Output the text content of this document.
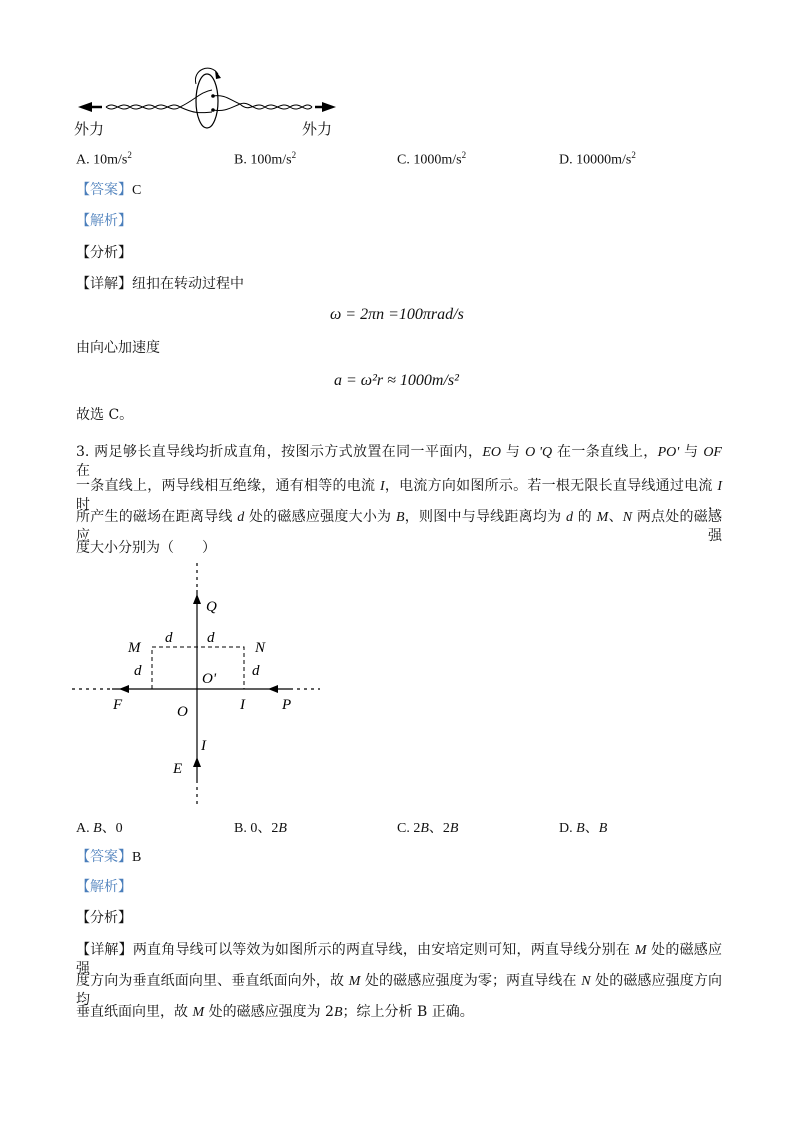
外力	外力
A. $10m/s^2$	B. $100m/s^2$	C. $1000m/s^2$	D. $10000m/s^2$
【答案】C
【解析】
【分析】
【详解】纽扣在转动过程中
ω = 2πn =100πrad/s
由向心加速度
a = ω²r ≈ 1000m/s²
故选 C。
3. 两足够长直导线均折成直角，按图示方式放置在同一平面内，EO 与 O 'Q 在一条直线上，PO' 与 OF 在
一条直线上，两导线相互绝缘，通有相等的电流 I，电流方向如图所示。若一根无限长直导线通过电流 I 时，
所产生的磁场在距离导线 d 处的磁感应强度大小为 B，则图中与导线距离均为 d 的 M、N 两点处的磁感应强
度大小分别为（　　）
Q
M
d d
N
d	d
O'
F	O	I P
I
E
A. B、0	B. 0、2B	C. 2B、2B	D. B、B
【答案】B
【解析】
【分析】
【详解】两直角导线可以等效为如图所示的两直导线，由安培定则可知，两直导线分别在 M 处的磁感应强
度方向为垂直纸面向里、垂直纸面向外，故 M 处的磁感应强度为零；两直导线在 N 处的磁感应强度方向均
垂直纸面向里，故 M 处的磁感应强度为 2B；综上分析 B 正确。
